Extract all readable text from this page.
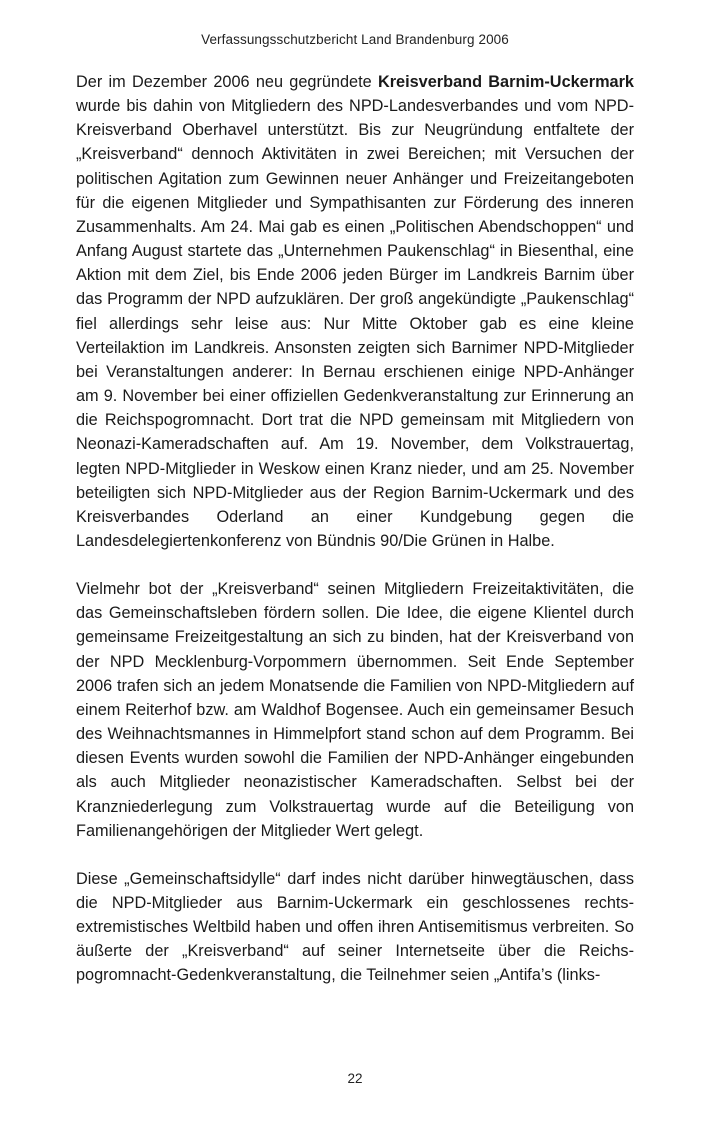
Verfassungsschutzbericht Land Brandenburg 2006

Der im Dezember 2006 neu gegründete Kreisverband Barnim-Uckermark wurde bis dahin von Mitgliedern des NPD-Landesverbandes und vom NPD-Kreisverband Oberhavel unterstützt. Bis zur Neugründung entfaltete der „Kreisverband“ dennoch Aktivitäten in zwei Bereichen; mit Versuchen der politischen Agitation zum Gewinnen neuer Anhänger und Freizeitangeboten für die eigenen Mitglieder und Sympathisanten zur Förderung des inneren Zusammenhalts. Am 24. Mai gab es einen „Politischen Abendschoppen“ und Anfang August startete das „Unternehmen Paukenschlag“ in Biesenthal, eine Aktion mit dem Ziel, bis Ende 2006 jeden Bürger im Landkreis Barnim über das Programm der NPD aufzuklären. Der groß angekündigte „Paukenschlag“ fiel allerdings sehr leise aus: Nur Mitte Oktober gab es eine kleine Verteilaktion im Landkreis. Ansonsten zeigten sich Barnimer NPD-Mitglieder bei Veranstaltungen anderer: In Bernau erschienen einige NPD-Anhänger am 9. November bei einer offiziellen Gedenkveranstaltung zur Erinnerung an die Reichspogromnacht. Dort trat die NPD gemeinsam mit Mitgliedern von Neonazi-Kameradschaften auf. Am 19. November, dem Volkstrauertag, legten NPD-Mitglieder in Weskow einen Kranz nieder, und am 25. November beteiligten sich NPD-Mitglieder aus der Region Barnim-Uckermark und des Kreisverbandes Oderland an einer Kundgebung gegen die Landesdelegiertenkonferenz von Bündnis 90/Die Grünen in Halbe.

Vielmehr bot der „Kreisverband“ seinen Mitgliedern Freizeitaktivitäten, die das Gemeinschaftsleben fördern sollen. Die Idee, die eigene Klientel durch gemeinsame Freizeitgestaltung an sich zu binden, hat der Kreisverband von der NPD Mecklenburg-Vorpommern übernommen. Seit Ende September 2006 trafen sich an jedem Monatsende die Familien von NPD-Mitgliedern auf einem Reiterhof bzw. am Waldhof Bogensee. Auch ein gemeinsamer Besuch des Weihnachtsmannes in Himmelpfort stand schon auf dem Programm. Bei diesen Events wurden sowohl die Familien der NPD-Anhänger eingebunden als auch Mitglieder neonazistischer Kameradschaften. Selbst bei der Kranzniederlegung zum Volkstrauertag wurde auf die Beteiligung von Familienangehörigen der Mitglieder Wert gelegt.

Diese „Gemeinschaftsidylle“ darf indes nicht darüber hinwegtäuschen, dass die NPD-Mitglieder aus Barnim-Uckermark ein geschlossenes rechtsextremistisches Weltbild haben und offen ihren Antisemitismus verbreiten. So äußerte der „Kreisverband“ auf seiner Internetseite über die Reichspogromnacht-Gedenkveranstaltung, die Teilnehmer seien „Antifa’s (links-

22
